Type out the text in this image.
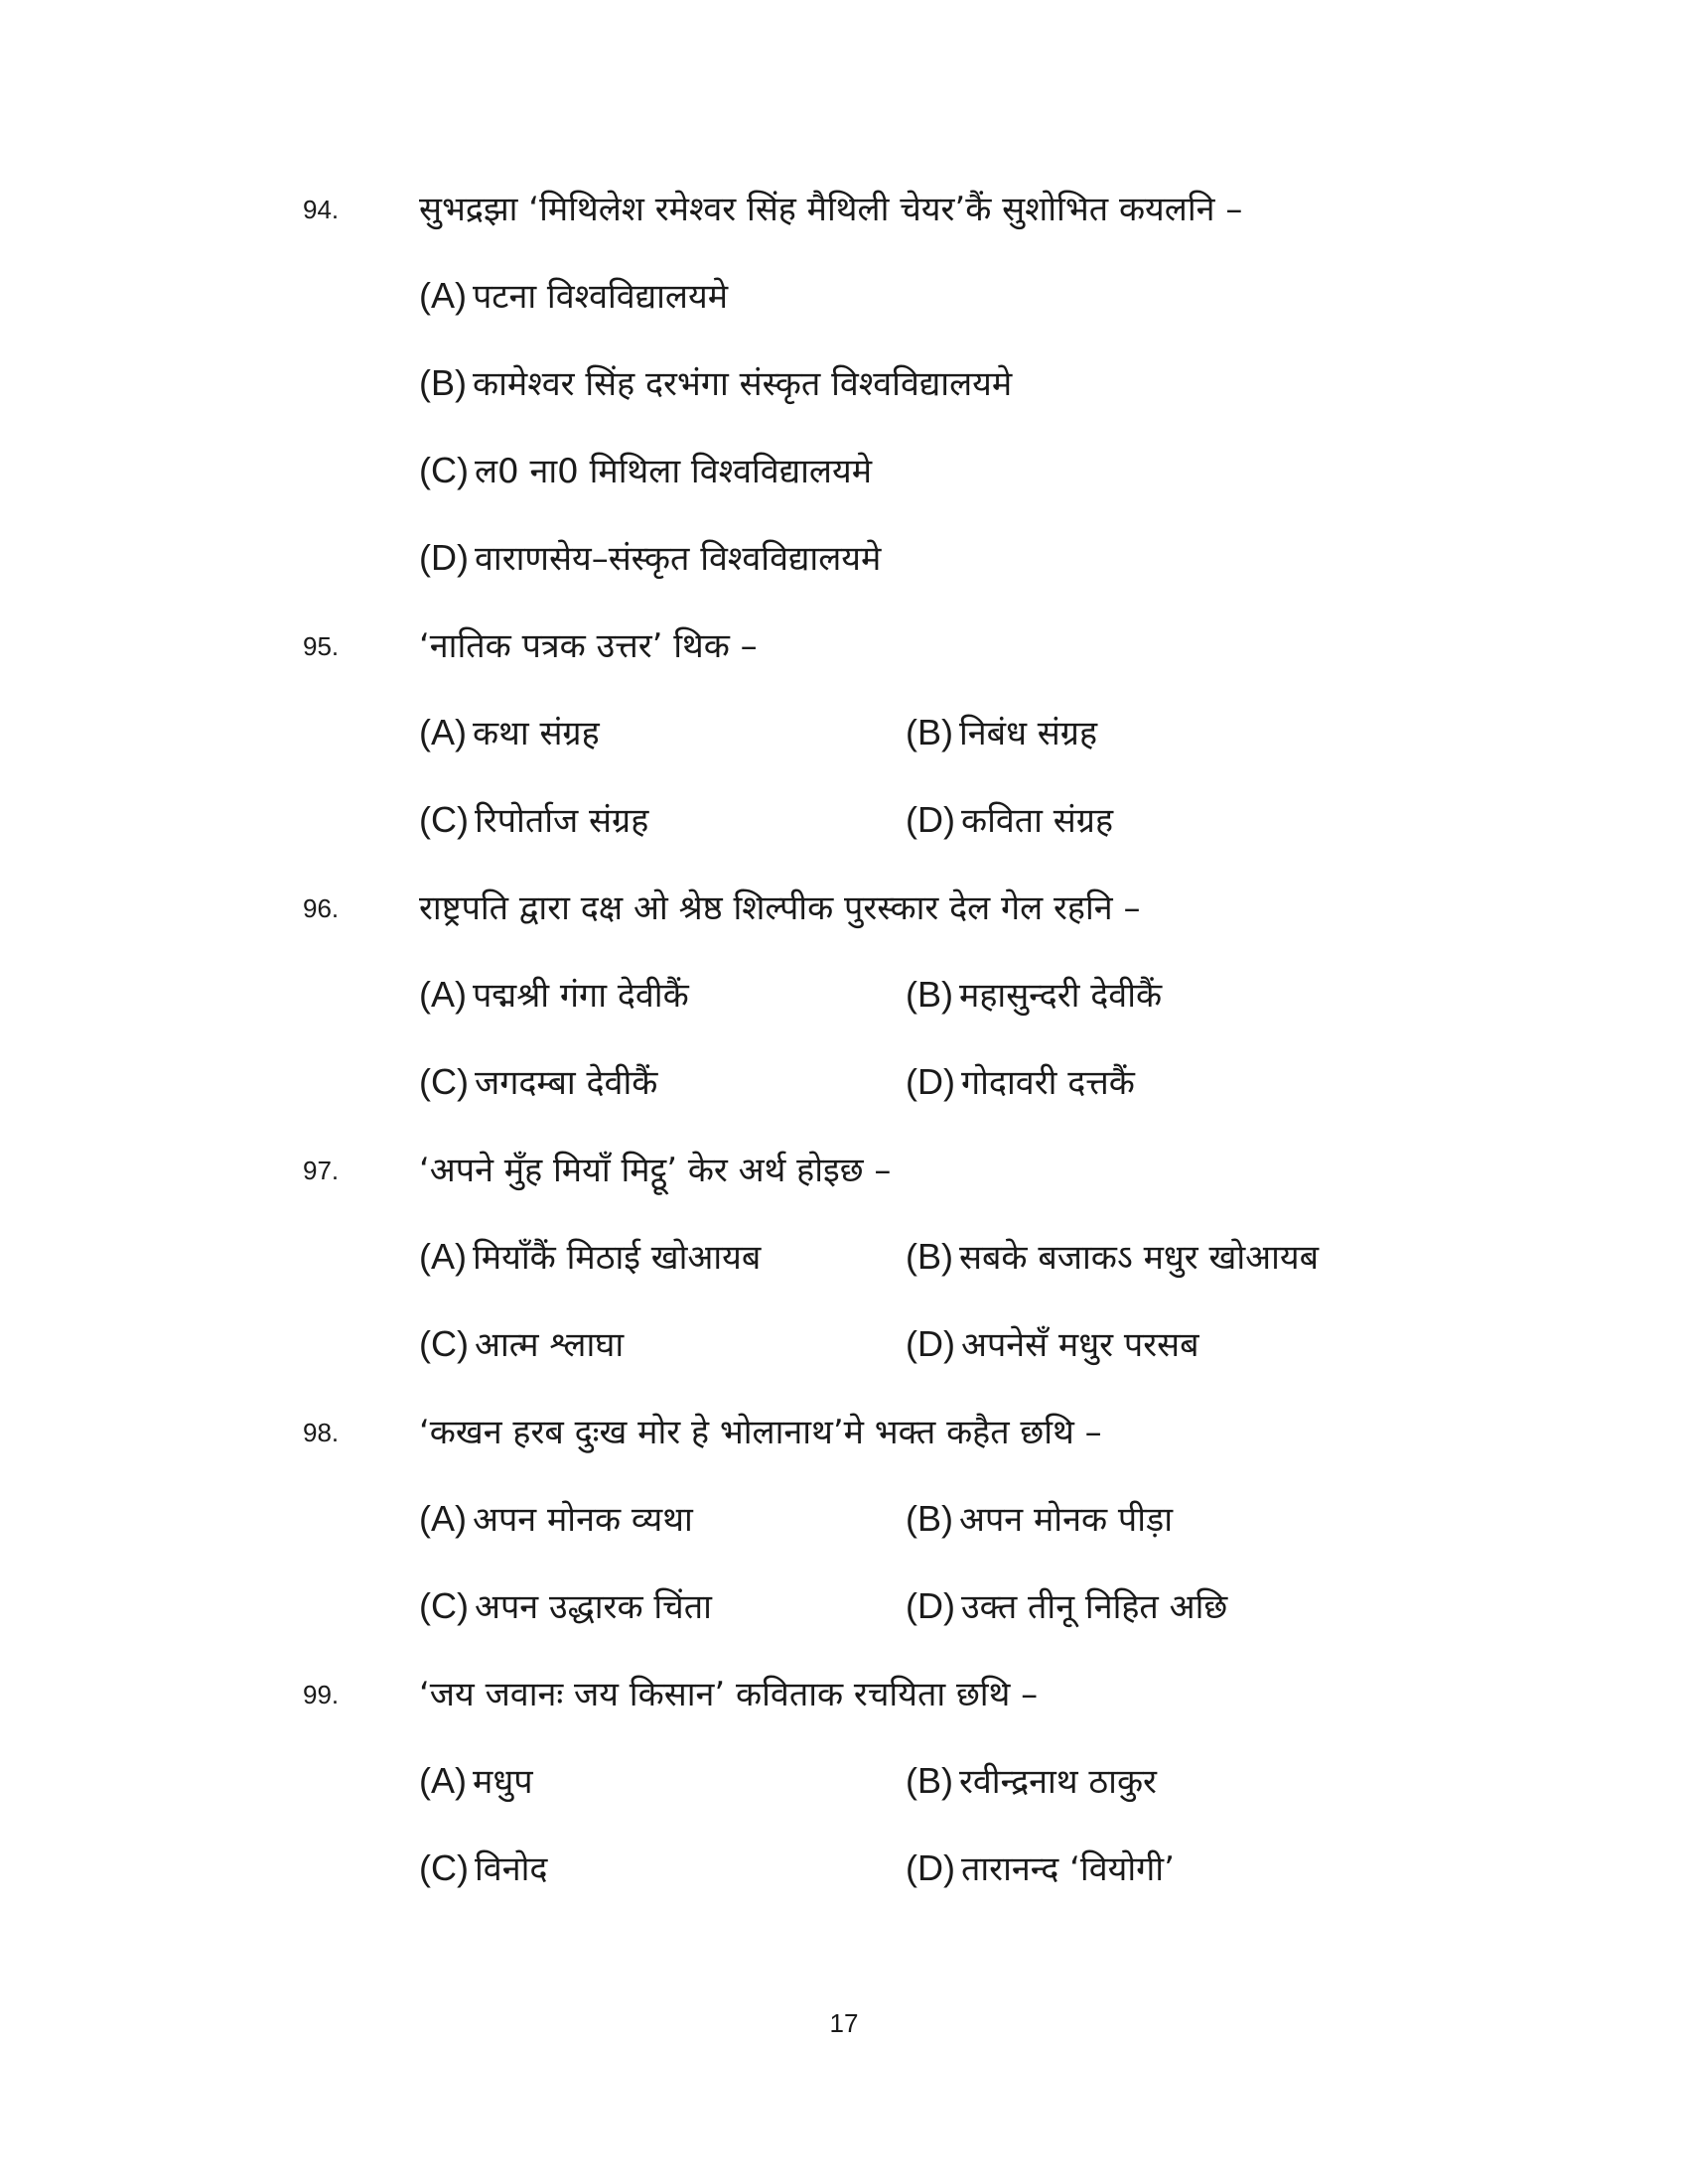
94. सुभद्रझा ‘मिथिलेश रमेश्वर सिंह मैथिली चेयर’कैं सुशोभित कयलनि –
(A) पटना विश्वविद्यालयमे
(B) कामेश्वर सिंह दरभंगा संस्कृत विश्वविद्यालयमे
(C) ल0 ना0 मिथिला विश्वविद्यालयमे
(D) वाराणसेय–संस्कृत विश्वविद्यालयमे
95. ‘नातिक पत्रक उत्तर’ थिक –
(A) कथा संग्रह	(B) निबंध संग्रह
(C) रिपोर्ताज संग्रह	(D) कविता संग्रह
96. राष्ट्रपति द्वारा दक्ष ओ श्रेष्ठ शिल्पीक पुरस्कार देल गेल रहनि –
(A) पद्मश्री गंगा देवीकैं	(B) महासुन्दरी देवीकैं
(C) जगदम्बा देवीकैं	(D) गोदावरी दत्तकैं
97. ‘अपने मुँह मियाँ मिट्ठू’ केर अर्थ होइछ –
(A) मियाँकैं मिठाई खोआयब	(B) सबके बजाकऽ मधुर खोआयब
(C) आत्म श्लाघा	(D) अपनेसँ मधुर परसब
98. ‘कखन हरब दुःख मोर हे भोलानाथ’मे भक्त कहैत छथि –
(A) अपन मोनक व्यथा	(B) अपन मोनक पीड़ा
(C) अपन उद्धारक चिंता	(D) उक्त तीनू निहित अछि
99. ‘जय जवानः जय किसान’ कविताक रचयिता छथि –
(A) मधुप	(B) रवीन्द्रनाथ ठाकुर
(C) विनोद	(D) तारानन्द ‘वियोगी’
17
